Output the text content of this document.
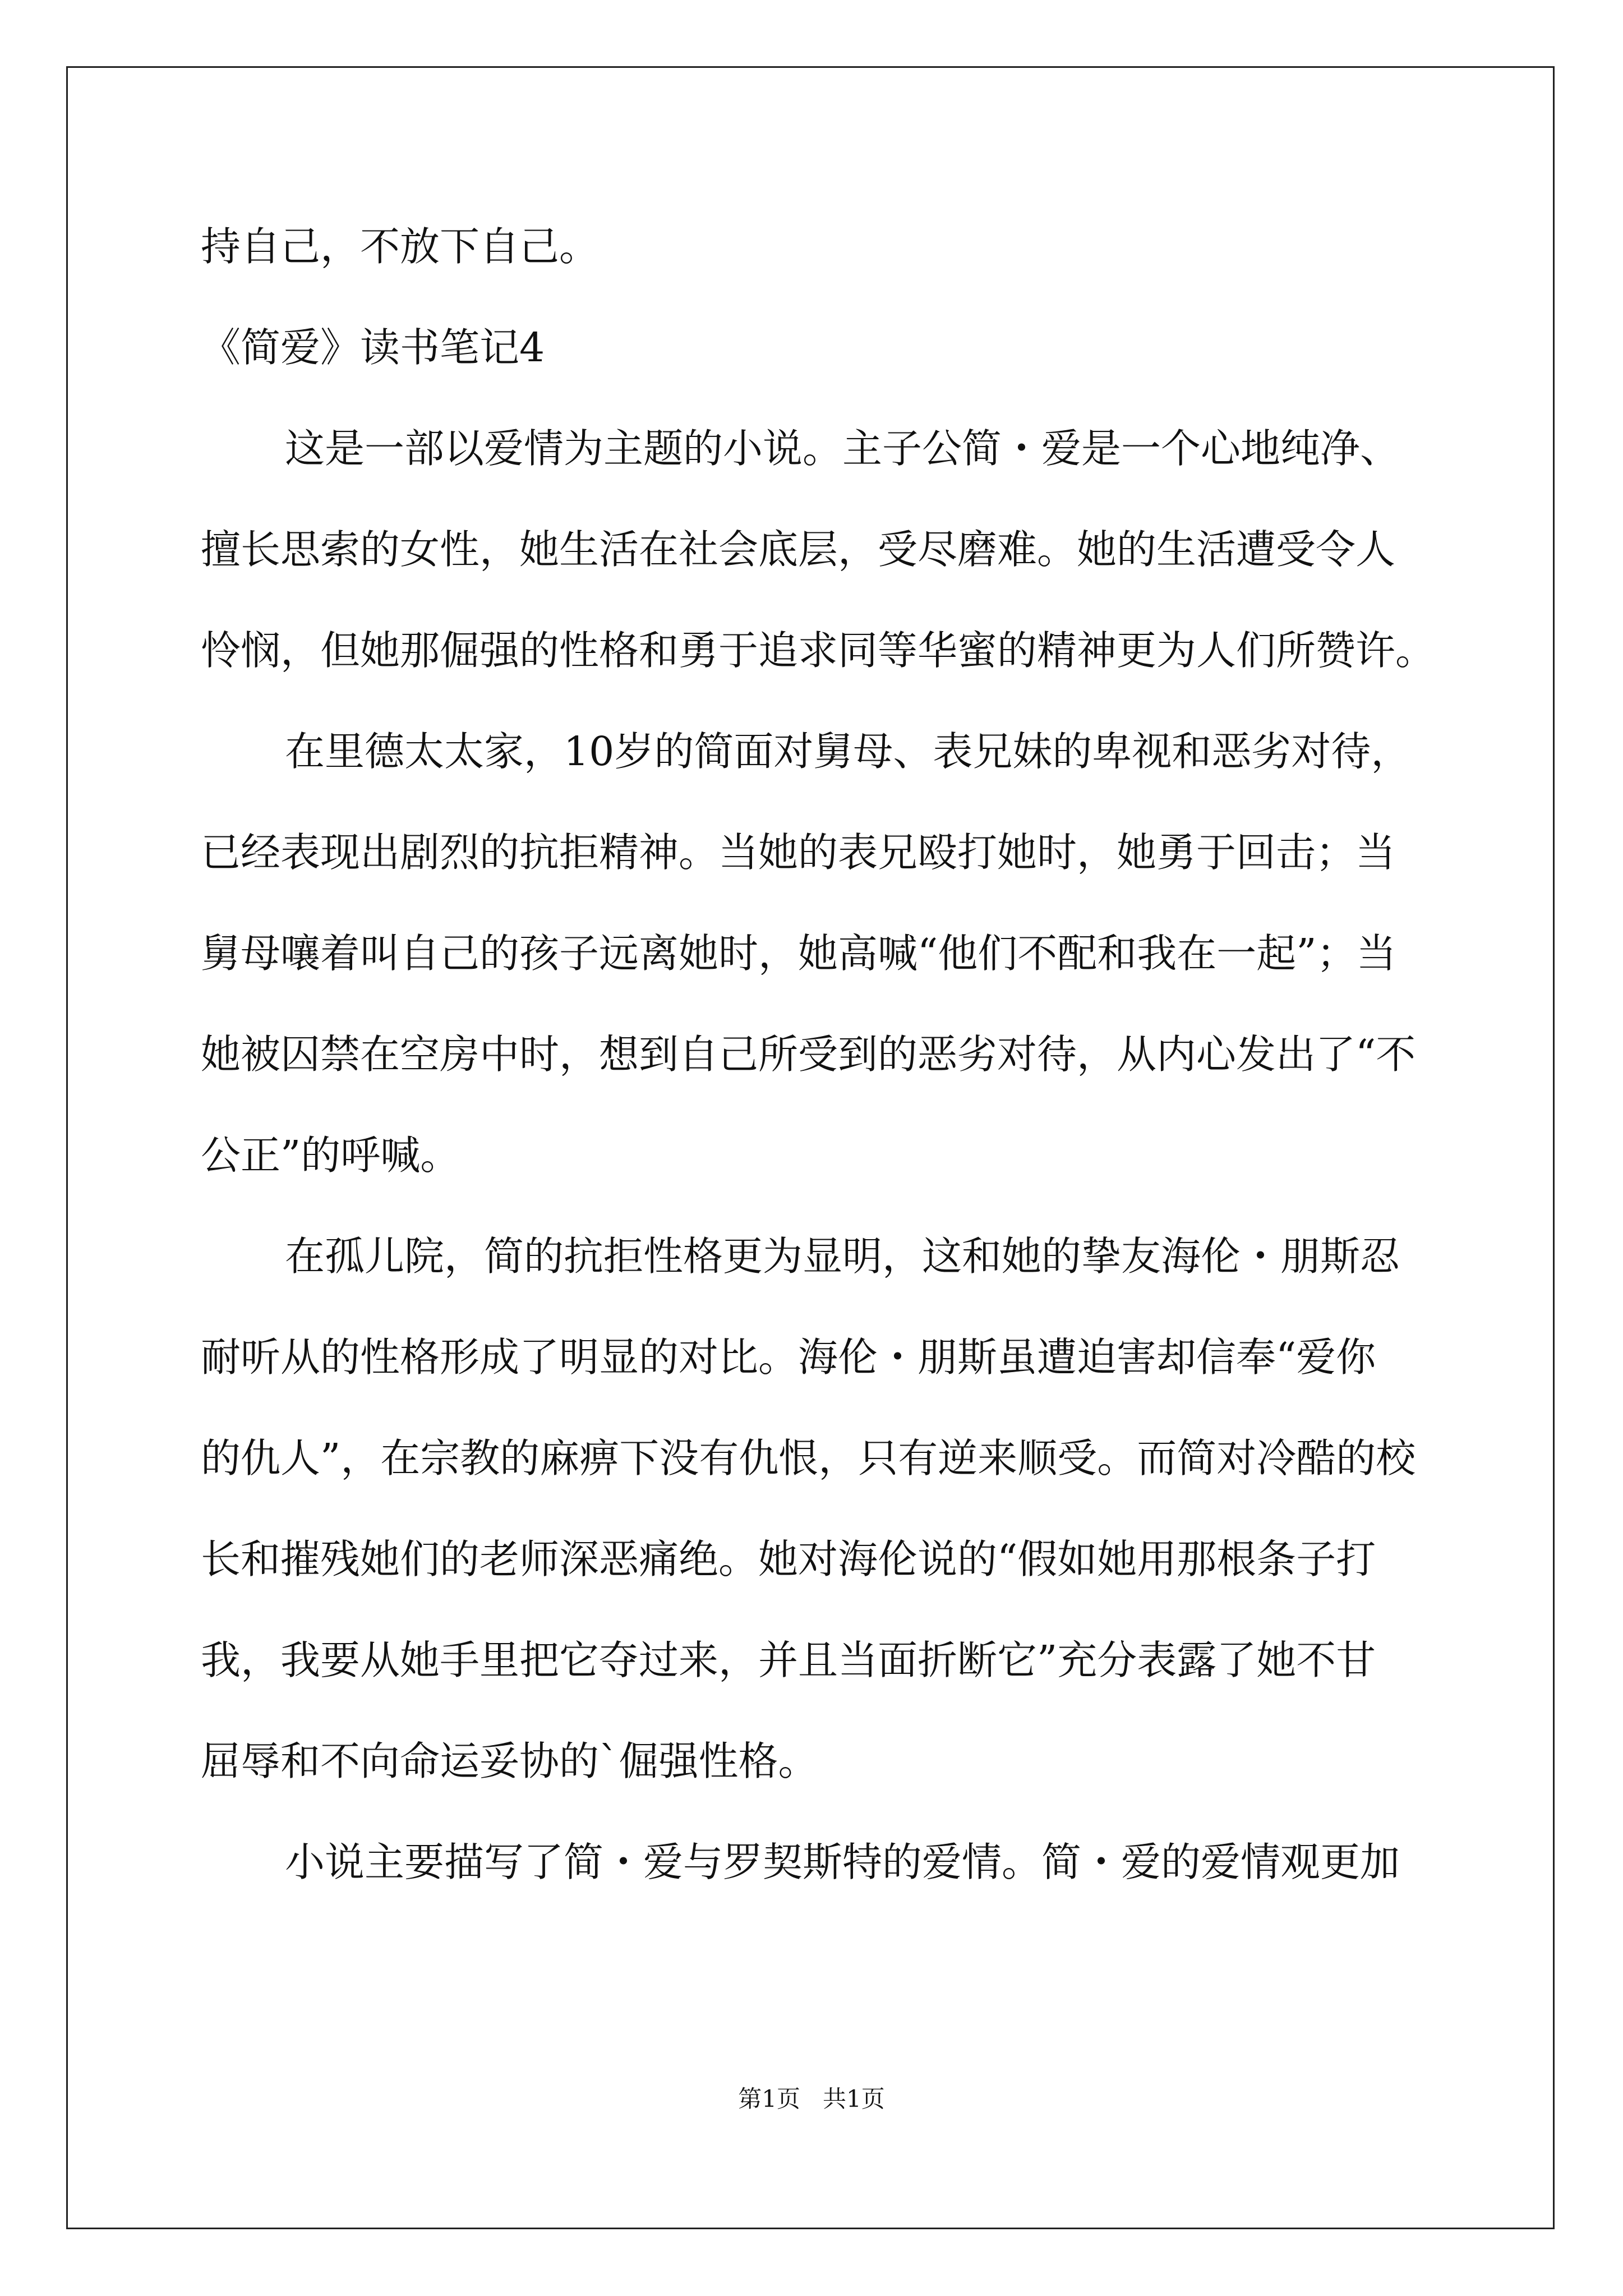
持自己，不放下自己。
《简爱》读书笔记4
这是一部以爱情为主题的小说。主子公简・爱是一个心地纯净、
擅长思索的女性，她生活在社会底层，受尽磨难。她的生活遭受令人
怜悯，但她那倔强的性格和勇于追求同等华蜜的精神更为人们所赞许。
在里德太太家，10岁的简面对舅母、表兄妹的卑视和恶劣对待，
已经表现出剧烈的抗拒精神。当她的表兄殴打她时，她勇于回击；当
舅母嚷着叫自己的孩子远离她时，她高喊“他们不配和我在一起”；当
她被囚禁在空房中时，想到自己所受到的恶劣对待，从内心发出了“不
公正”的呼喊。
在孤儿院，简的抗拒性格更为显明，这和她的挚友海伦・朋斯忍
耐听从的性格形成了明显的对比。海伦・朋斯虽遭迫害却信奉“爱你
的仇人”，在宗教的麻痹下没有仇恨，只有逆来顺受。而简对冷酷的校
长和摧残她们的老师深恶痛绝。她对海伦说的“假如她用那根条子打
我，我要从她手里把它夺过来，并且当面折断它”充分表露了她不甘
屈辱和不向命运妥协的`倔强性格。
小说主要描写了简・爱与罗契斯特的爱情。简・爱的爱情观更加
第1页 共1页
